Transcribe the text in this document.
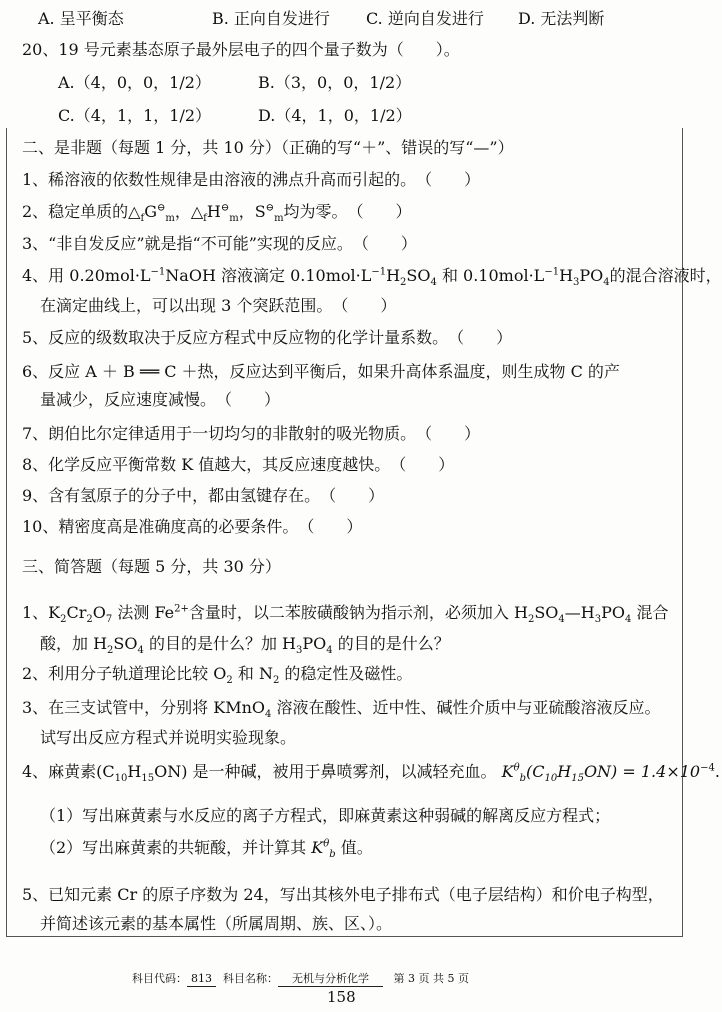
A. 呈平衡态	B. 正向自发进行 C. 逆向自发进行 D. 无法判断
20、19 号元素基态原子最外层电子的四个量子数为（　　）。
A.（4，0，0，1/2）	B.（3，0，0，1/2）
C.（4，1，1，1/2）	D.（4，1，0，1/2）
二、是非题（每题 1 分，共 10 分）（正确的写“＋”、错误的写“—”）
1、稀溶液的依数性规律是由溶液的沸点升高而引起的。　（　　）
2、稳定单质的$\triangle_fG^⊖_m$，$\triangle_fH^⊖_m$，$S^⊖_m$均为零。　（　　）
3、“非自发反应”就是指“不可能”实现的反应。　（　　）
4、用 $0.20mol\cdot L^{-1}NaOH$ 溶液滴定 $0.10mol\cdot L^{-1}H_2SO_4$ 和 $0.10mol\cdot L^{-1}H_3PO_4$的混合溶液时，
在滴定曲线上，可以出现 3 个突跃范围。　（　　）
5、反应的级数取决于反应方程式中反应物的化学计量系数。　（　　）
6、反应 A ＋ B ══ C ＋热，反应达到平衡后，如果升高体系温度，则生成物 C 的产
量减少，反应速度减慢。　（　　）
7、朗伯比尔定律适用于一切均匀的非散射的吸光物质。　（　　）
8、化学反应平衡常数 K 值越大，其反应速度越快。　（　　）
9、含有氢原子的分子中，都由氢键存在。　（　　）
10、精密度高是准确度高的必要条件。　（　　）
三、简答题（每题 5 分，共 30 分）
1、$K_2Cr_2O_7$ 法测 $Fe^{2+}$含量时，以二苯胺磺酸钠为指示剂，必须加入 $H_2SO_4—H_3PO_4$ 混合
酸，加 $H_2SO_4$ 的目的是什么？加 $H_3PO_4$ 的目的是什么？
2、利用分子轨道理论比较 $O_2$ 和 $N_2$ 的稳定性及磁性。
3、在三支试管中，分别将 KMnO$_4$ 溶液在酸性、近中性、碱性介质中与亚硫酸溶液反应。
试写出反应方程式并说明实验现象。
4、麻黄素$(C_{10}H_{15}ON)$ 是一种碱，被用于鼻喷雾剂，以减轻充血。 $K^\theta_b(C_{10}H_{15}ON) = 1.4\times 10^{-4}$.
（1）写出麻黄素与水反应的离子方程式，即麻黄素这种弱碱的解离反应方程式；
（2）写出麻黄素的共轭酸，并计算其 $K^\theta_b$ 值。
5、已知元素 Cr 的原子序数为 24，写出其核外电子排布式（电子层结构）和价电子构型，
并简述该元素的基本属性（所属周期、族、区、）。
科目代码： 813 科目名称： 无机与分析化学 第 3 页 共 5 页
158
